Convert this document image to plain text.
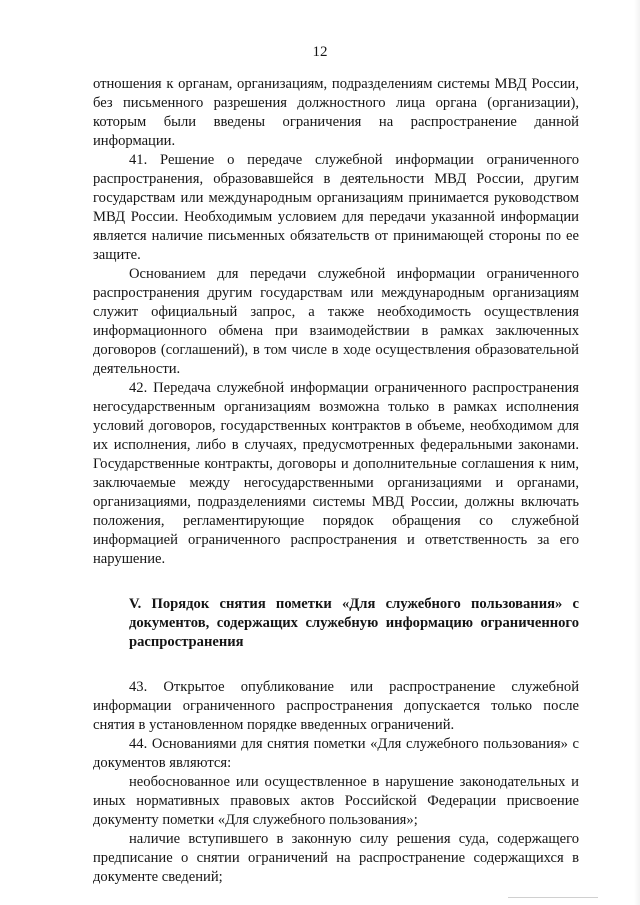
12

отношения к органам, организациям, подразделениям системы МВД России, без письменного разрешения должностного лица органа (организации), которым были введены ограничения на распространение данной информации.

41. Решение о передаче служебной информации ограниченного распространения, образовавшейся в деятельности МВД России, другим государствам или международным организациям принимается руководством МВД России. Необходимым условием для передачи указанной информации является наличие письменных обязательств от принимающей стороны по ее защите.

Основанием для передачи служебной информации ограниченного распространения другим государствам или международным организациям служит официальный запрос, а также необходимость осуществления информационного обмена при взаимодействии в рамках заключенных договоров (соглашений), в том числе в ходе осуществления образовательной деятельности.

42. Передача служебной информации ограниченного распространения негосударственным организациям возможна только в рамках исполнения условий договоров, государственных контрактов в объеме, необходимом для их исполнения, либо в случаях, предусмотренных федеральными законами. Государственные контракты, договоры и дополнительные соглашения к ним, заключаемые между негосударственными организациями и органами, организациями, подразделениями системы МВД России, должны включать положения, регламентирующие порядок обращения со служебной информацией ограниченного распространения и ответственность за его нарушение.

V. Порядок снятия пометки «Для служебного пользования» с документов, содержащих служебную информацию ограниченного распространения

43. Открытое опубликование или распространение служебной информации ограниченного распространения допускается только после снятия в установленном порядке введенных ограничений.

44. Основаниями для снятия пометки «Для служебного пользования» с документов являются:

необоснованное или осуществленное в нарушение законодательных и иных нормативных правовых актов Российской Федерации присвоение документу пометки «Для служебного пользования»;

наличие вступившего в законную силу решения суда, содержащего предписание о снятии ограничений на распространение содержащихся в документе сведений;
